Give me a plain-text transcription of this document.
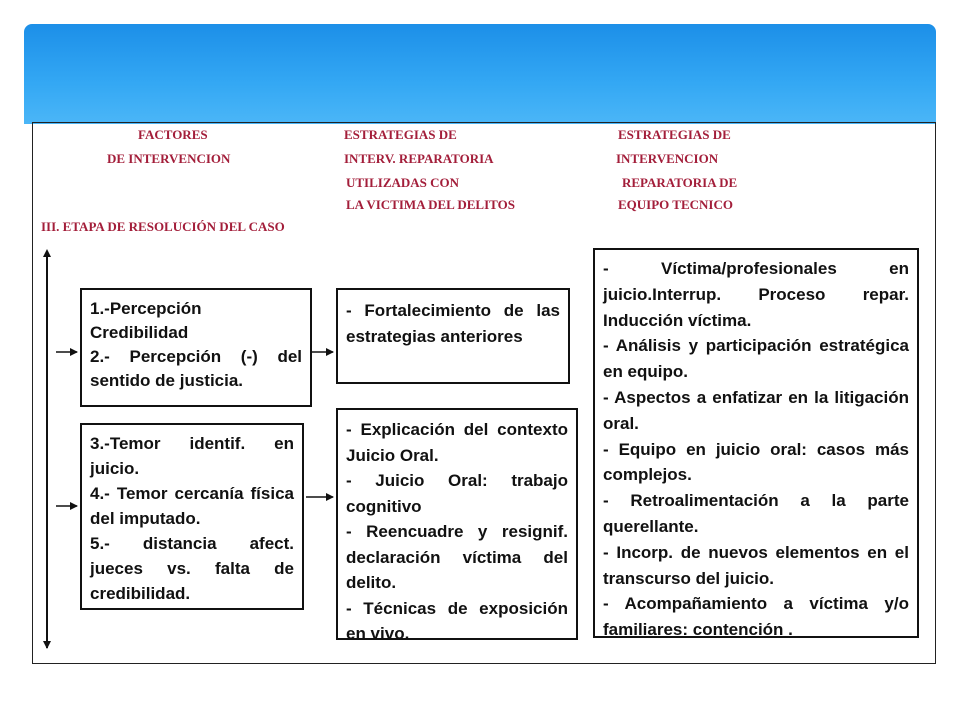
FACTORES
DE INTERVENCION
ESTRATEGIAS DE
INTERV. REPARATORIA
UTILIZADAS CON
LA VICTIMA DEL DELITOS
ESTRATEGIAS DE
INTERVENCION
REPARATORIA DE
EQUIPO TECNICO
III. ETAPA DE RESOLUCIÓN DEL CASO

1.-Percepción Credibilidad

2.- Percepción (-) del sentido de justicia.

3.-Temor identif. en juicio.

4.- Temor cercanía física del imputado.

5.- distancia afect. jueces vs. falta de credibilidad.

- Fortalecimiento de las estrategias anteriores

- Explicación del contexto Juicio Oral.

- Juicio Oral: trabajo cognitivo

- Reencuadre y resignif. declaración víctima del delito.

- Técnicas de exposición en vivo.

- Víctima/profesionales en juicio.Interrup. Proceso repar. Inducción víctima.

- Análisis y participación estratégica en equipo.

- Aspectos a enfatizar en la litigación oral.

- Equipo en juicio oral: casos más complejos.

- Retroalimentación a la parte querellante.

- Incorp. de nuevos elementos en el transcurso del juicio.

- Acompañamiento a víctima y/o familiares: contención .
